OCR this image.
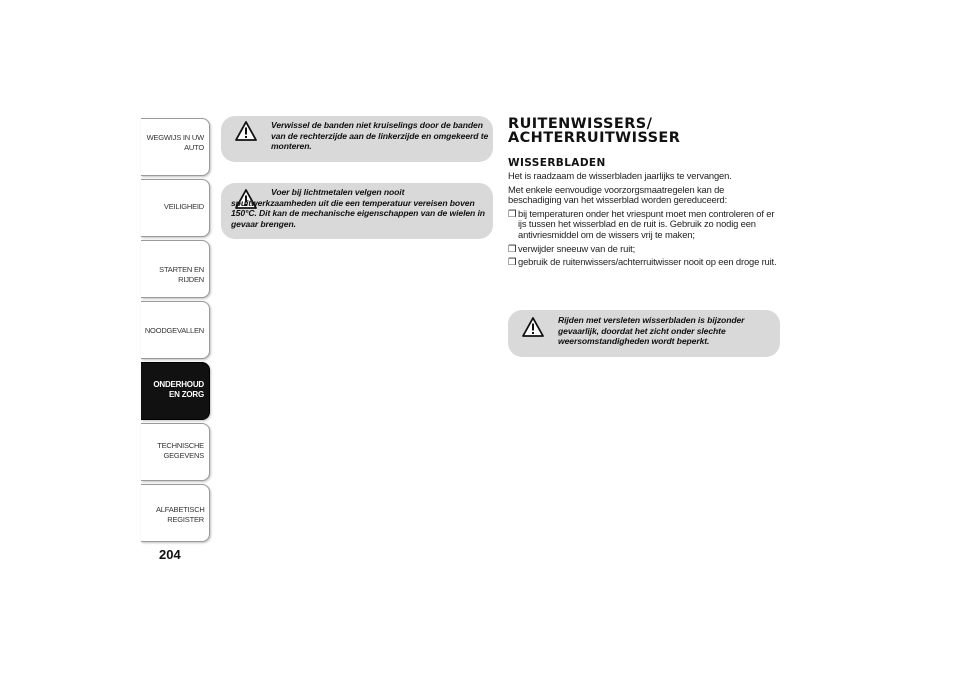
WEGWIJS IN UW AUTO
VEILIGHEID
STARTEN EN RIJDEN
NOODGEVALLEN
ONDERHOUD EN ZORG
TECHNISCHE GEGEVENS
ALFABETISCH REGISTER
204
Verwissel de banden niet kruiselings door de banden van de rechterzijde aan de linkerzijde en omgekeerd te monteren.
Voer bij lichtmetalen velgen nooit spuitwerkzaamheden uit die een temperatuur vereisen boven 150°C. Dit kan de mechanische eigenschappen van de wielen in gevaar brengen.
RUITENWISSERS/
ACHTERRUITWISSER
WISSERBLADEN
Het is raadzaam de wisserbladen jaarlijks te vervangen.
Met enkele eenvoudige voorzorgsmaatregelen kan de beschadiging van het wisserblad worden gereduceerd:
❒ bij temperaturen onder het vriespunt moet men controleren of er ijs tussen het wisserblad en de ruit is. Gebruik zo nodig een antivriesmiddel om de wissers vrij te maken;
❒ verwijder sneeuw van de ruit;
❒ gebruik de ruitenwissers/achterruitwisser nooit op een droge ruit.
Rijden met versleten wisserbladen is bijzonder gevaarlijk, doordat het zicht onder slechte weersomstandigheden wordt beperkt.
